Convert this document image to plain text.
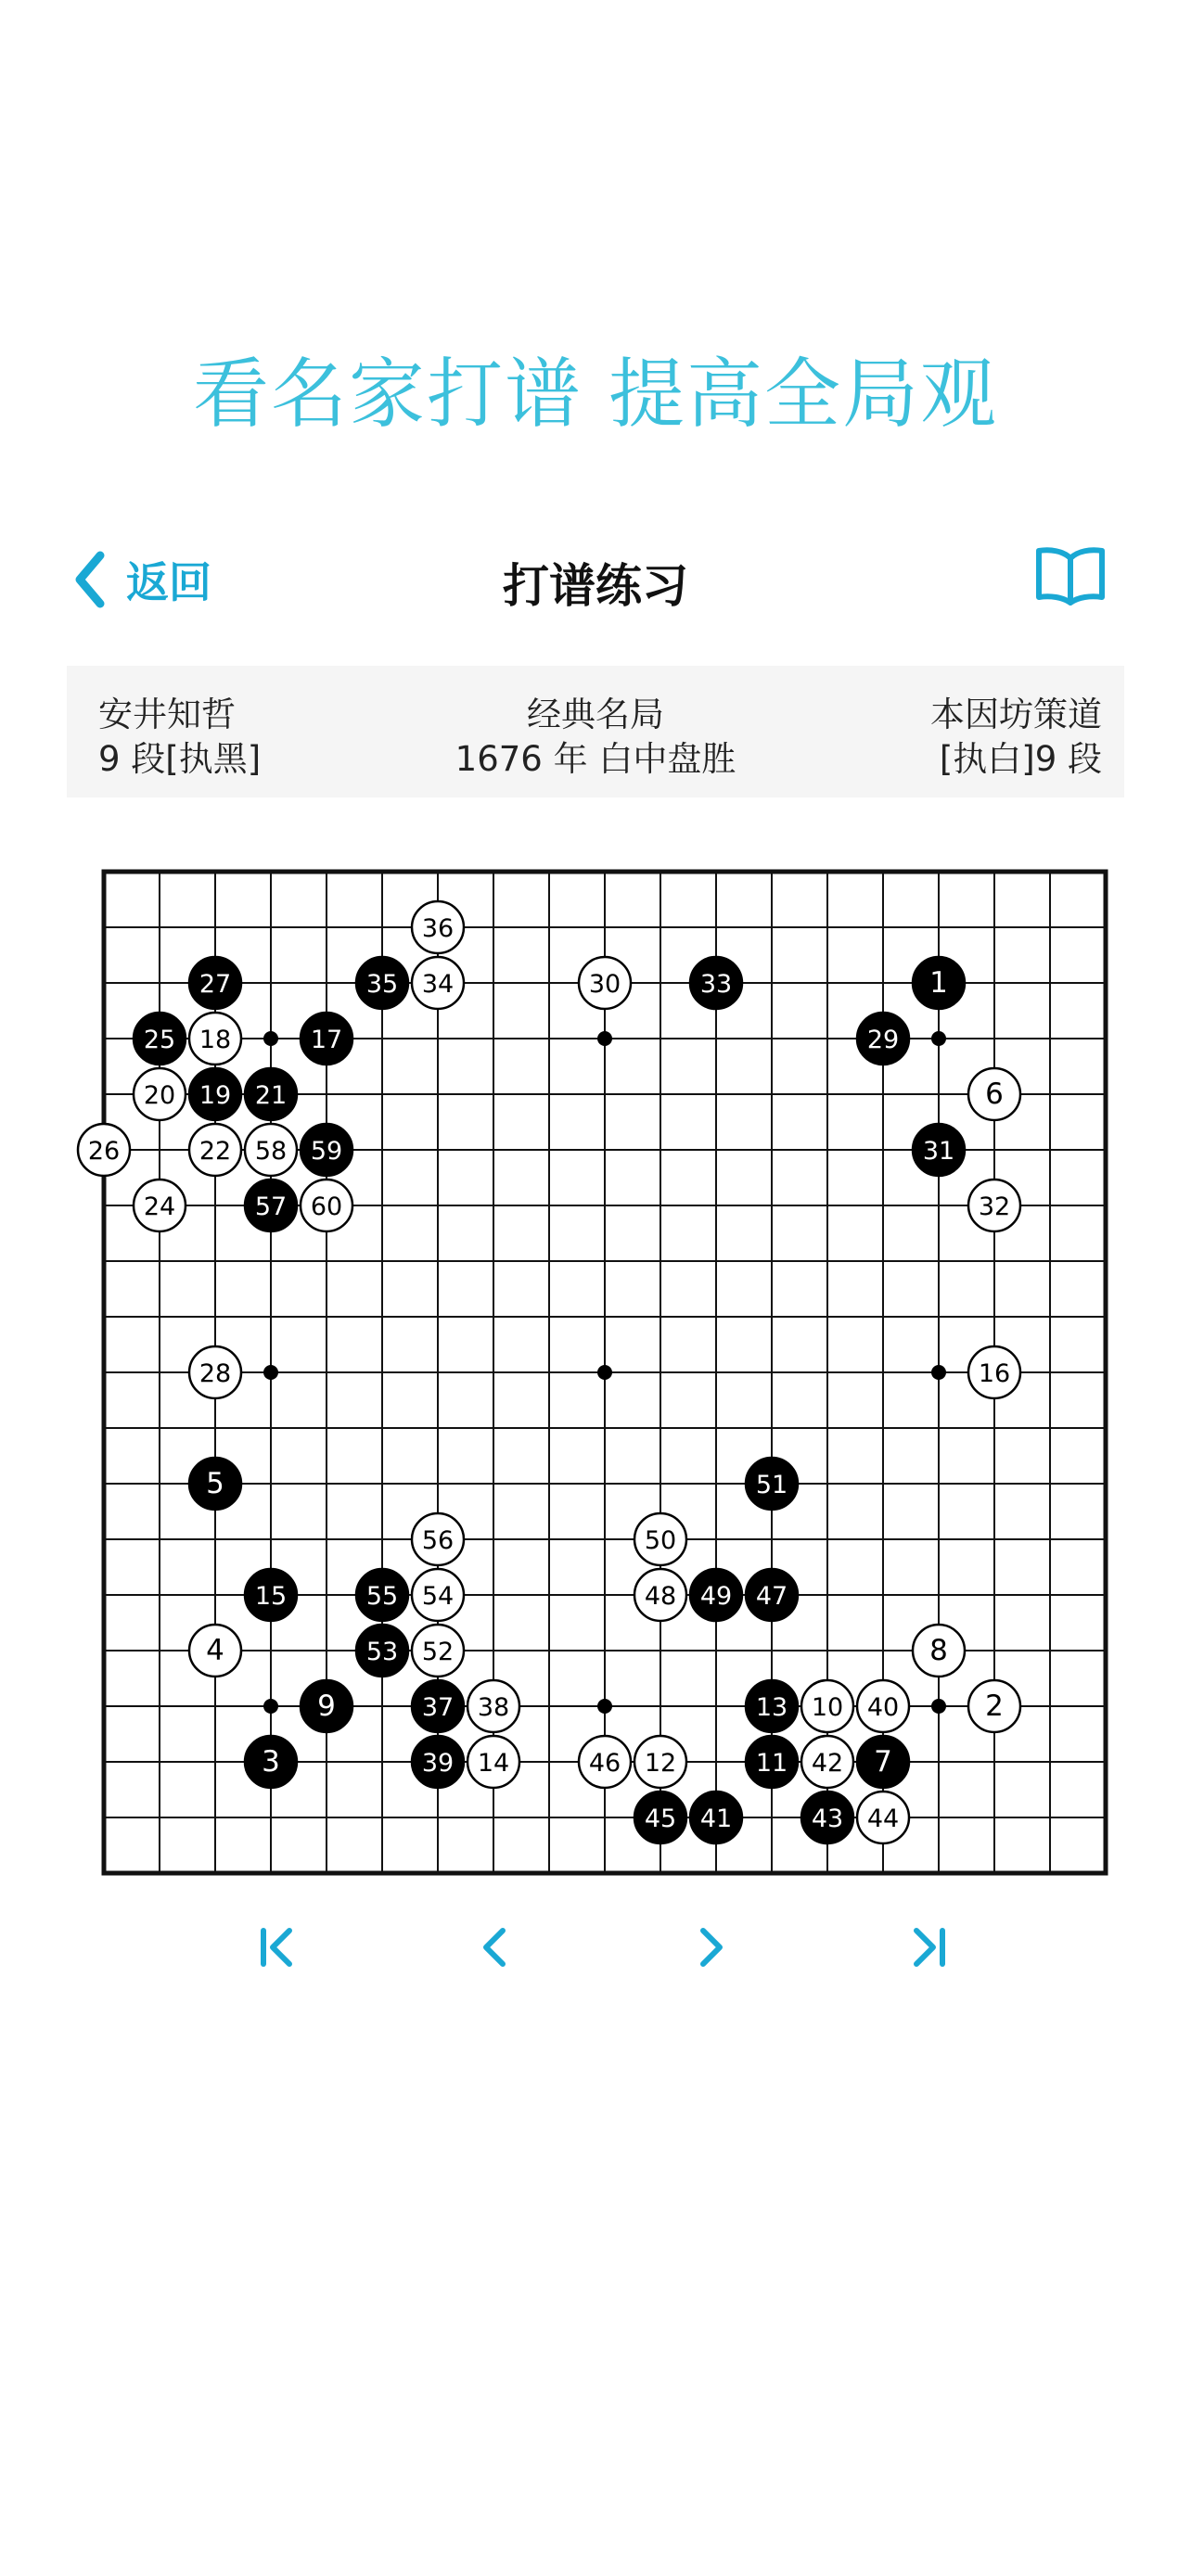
看名家打谱 提高全局观
返回	打谱练习
安井知哲
9 段[执黑]
经典名局
1676 年 白中盘胜
本因坊策道
[执白]9 段
1
2
3
4
5
6
7
8
9	10
11
12
13
14
15
16
17
18
19
20	21
22
24
25
26
27
28
29
30
31
32
33
34
35
36
37 38
39
40
41
42
43 44
45
46
47
48 49
50
51
52
53
54
55
56
57
58 59
60
